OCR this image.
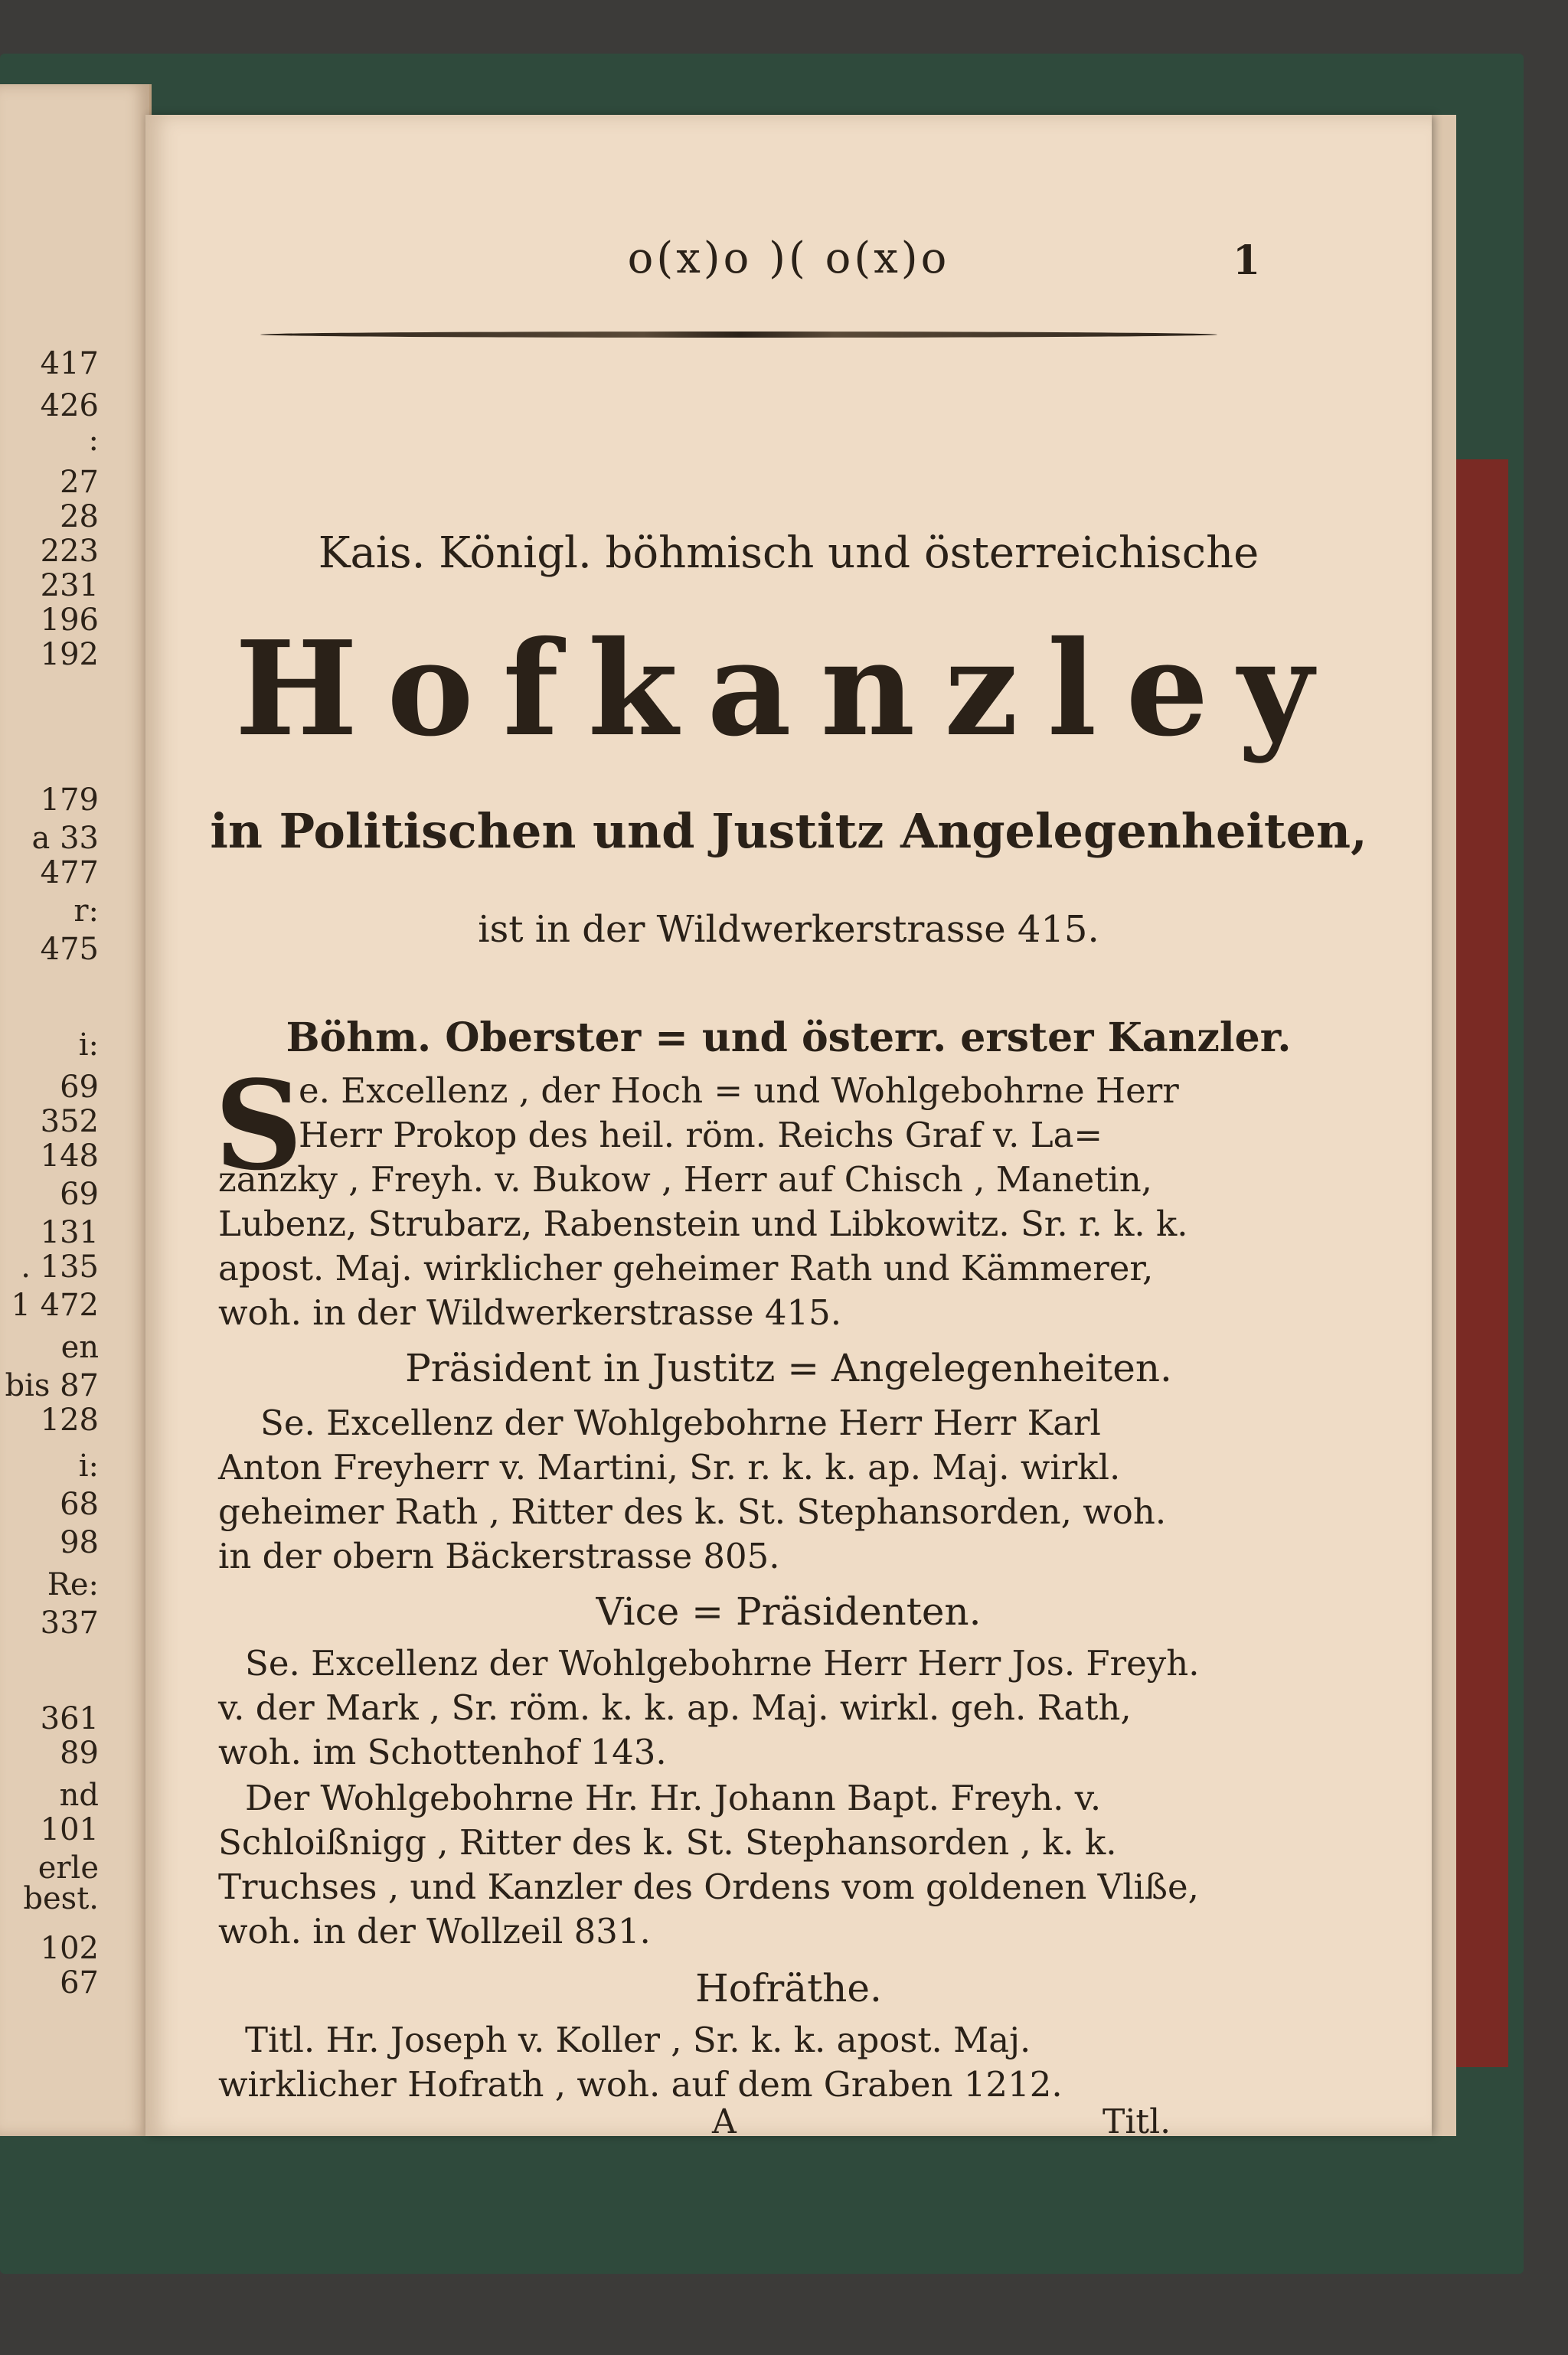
417
426
:
27
28
223
231
196
192
179
a 33
477
r:
475
i:
69
352
148
69
131
. 135
1 472
en
bis 87
128
i:
68
98
Re:
337
361
89
nd
101
erle
best.
102
67
o(x)o )( o(x)o	1
Kais. Königl. böhmisch und österreichische
Hofkanzley
in Politischen und Justitz Angelegenheiten,
ist in der Wildwerkerstrasse 415.
Böhm. Oberster = und österr. erster Kanzler.
S
e. Excellenz , der Hoch = und Wohlgebohrne Herr
Herr Prokop des heil. röm. Reichs Graf v. La=
zanzky , Freyh. v. Bukow , Herr auf Chisch , Manetin,
Lubenz, Strubarz, Rabenstein und Libkowitz. Sr. r. k. k.
apost. Maj. wirklicher geheimer Rath und Kämmerer,
woh. in der Wildwerkerstrasse 415.
Präsident in Justitz = Angelegenheiten.
Se. Excellenz der Wohlgebohrne Herr Herr Karl
Anton Freyherr v. Martini, Sr. r. k. k. ap. Maj. wirkl.
geheimer Rath , Ritter des k. St. Stephansorden, woh.
in der obern Bäckerstrasse 805.
Vice = Präsidenten.
Se. Excellenz der Wohlgebohrne Herr Herr Jos. Freyh.
v. der Mark , Sr. röm. k. k. ap. Maj. wirkl. geh. Rath,
woh. im Schottenhof 143.
Der Wohlgebohrne Hr. Hr. Johann Bapt. Freyh. v.
Schloißnigg , Ritter des k. St. Stephansorden , k. k.
Truchses , und Kanzler des Ordens vom goldenen Vliße,
woh. in der Wollzeil 831.
Hofräthe.
Titl. Hr. Joseph v. Koller , Sr. k. k. apost. Maj.
wirklicher Hofrath , woh. auf dem Graben 1212.
A	Titl.
